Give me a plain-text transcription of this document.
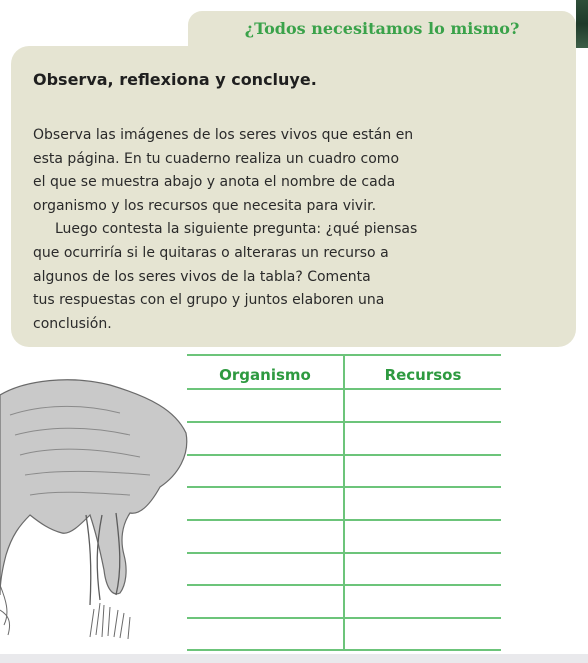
¿Todos necesitamos lo mismo?
Observa, reflexiona y concluye.
Observa las imágenes de los seres vivos que están en
esta página. En tu cuaderno realiza un cuadro como
el que se muestra abajo y anota el nombre de cada
organismo y los recursos que necesita para vivir.
Luego contesta la siguiente pregunta: ¿qué piensas
que ocurriría si le quitaras o alteraras un recurso a
algunos de los seres vivos de la tabla? Comenta
tus respuestas con el grupo y juntos elaboren una
conclusión.
Organismo	Recursos
